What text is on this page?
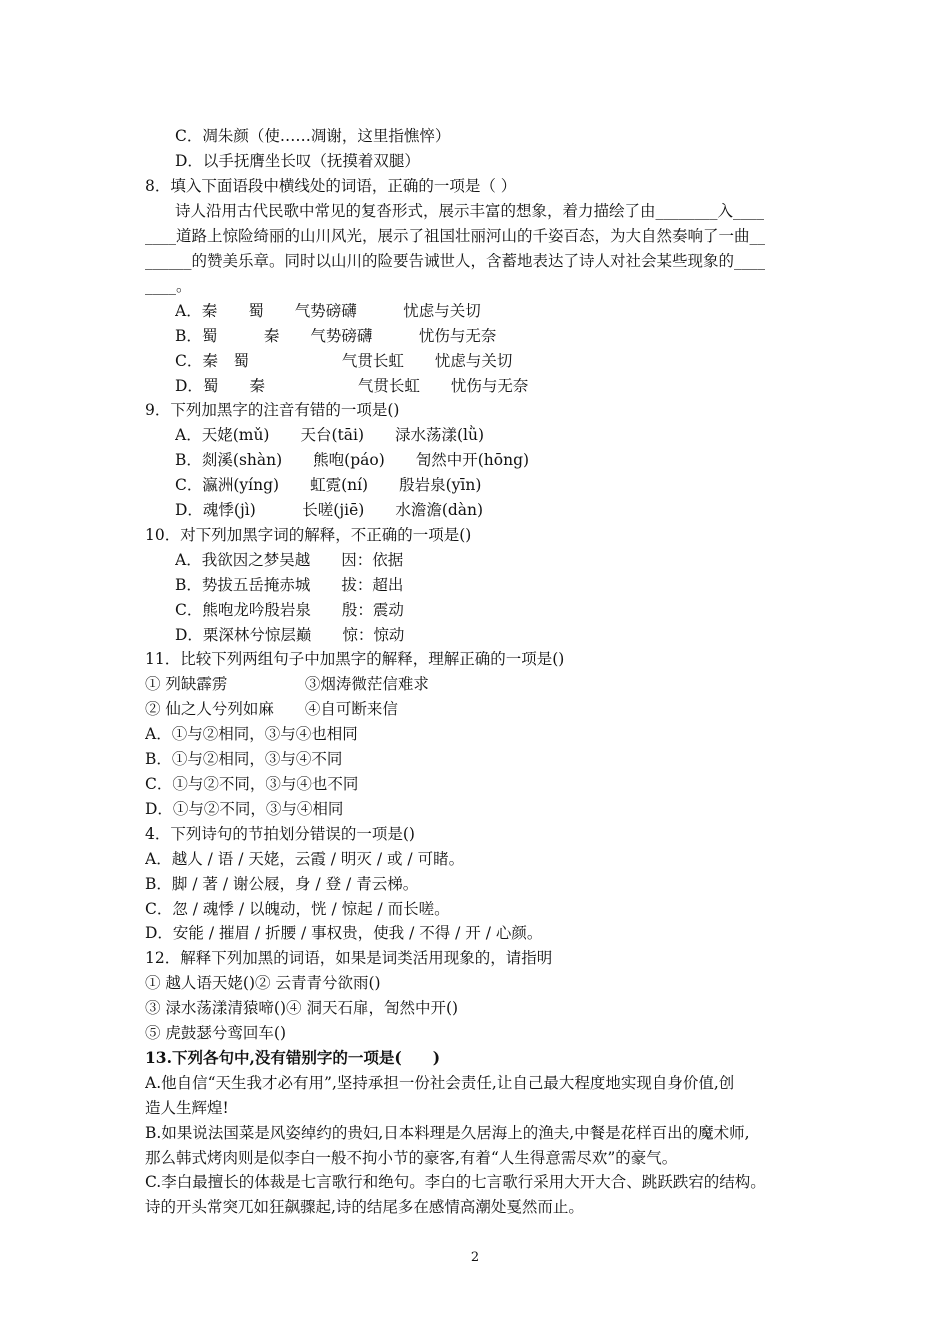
C．凋朱颜（使……凋谢，这里指憔悴）
D．以手抚膺坐长叹（抚摸着双腿）
8．填入下面语段中横线处的词语，正确的一项是（ ）
诗人沿用古代民歌中常见的复沓形式，展示丰富的想象，着力描绘了由________入____
____道路上惊险绮丽的山川风光，展示了祖国壮丽河山的千姿百态，为大自然奏响了一曲__
______的赞美乐章。同时以山川的险要告诫世人，含蓄地表达了诗人对社会某些现象的____
____。
A．秦　　蜀　　气势磅礴　　　忧虑与关切
B．蜀　　　秦　　气势磅礴　　　忧伤与无奈
C．秦　蜀　　　　　　气贯长虹　　忧虑与关切
D．蜀　　秦　　　　　　气贯长虹　　忧伤与无奈
9．下列加黑字的注音有错的一项是()
A．天姥(mǔ)　　天台(tāi)　　渌水荡漾(lǜ)
B．剡溪(shàn)　　熊咆(páo)　　訇然中开(hōng)
C．瀛洲(yíng)　　虹霓(ní)　　殷岩泉(yīn)
D．魂悸(jì)　　　长嗟(jiē)　　水澹澹(dàn)
10．对下列加黑字词的解释，不正确的一项是()
A．我欲因之梦吴越　　因：依据
B．势拔五岳掩赤城　　拔：超出
C．熊咆龙吟殷岩泉　　殷：震动
D．栗深林兮惊层巅　　惊：惊动
11．比较下列两组句子中加黑字的解释，理解正确的一项是()
① 列缺霹雳　　　　　③烟涛微茫信难求
② 仙之人兮列如麻　　④自可断来信
A．①与②相同，③与④也相同
B．①与②相同，③与④不同
C．①与②不同，③与④也不同
D．①与②不同，③与④相同
4．下列诗句的节拍划分错误的一项是()
A．越人 / 语 / 天姥，云霞 / 明灭 / 或 / 可睹。
B．脚 / 著 / 谢公屐，身 / 登 / 青云梯。
C．忽 / 魂悸 / 以魄动，恍 / 惊起 / 而长嗟。
D．安能 / 摧眉 / 折腰 / 事权贵，使我 / 不得 / 开 / 心颜。
12．解释下列加黑的词语，如果是词类活用现象的，请指明
① 越人语天姥()② 云青青兮欲雨()
③ 渌水荡漾清猿啼()④ 洞天石扉，訇然中开()
⑤ 虎鼓瑟兮鸾回车()
13.下列各句中,没有错别字的一项是(　　)
A.他自信“天生我才必有用”,坚持承担一份社会责任,让自己最大程度地实现自身价值,创
造人生辉煌!
B.如果说法国菜是风姿绰约的贵妇,日本料理是久居海上的渔夫,中餐是花样百出的魔术师,
那么韩式烤肉则是似李白一般不拘小节的豪客,有着“人生得意需尽欢”的豪气。
C.李白最擅长的体裁是七言歌行和绝句。李白的七言歌行采用大开大合、跳跃跌宕的结构。
诗的开头常突兀如狂飙骤起,诗的结尾多在感情高潮处戛然而止。
2
